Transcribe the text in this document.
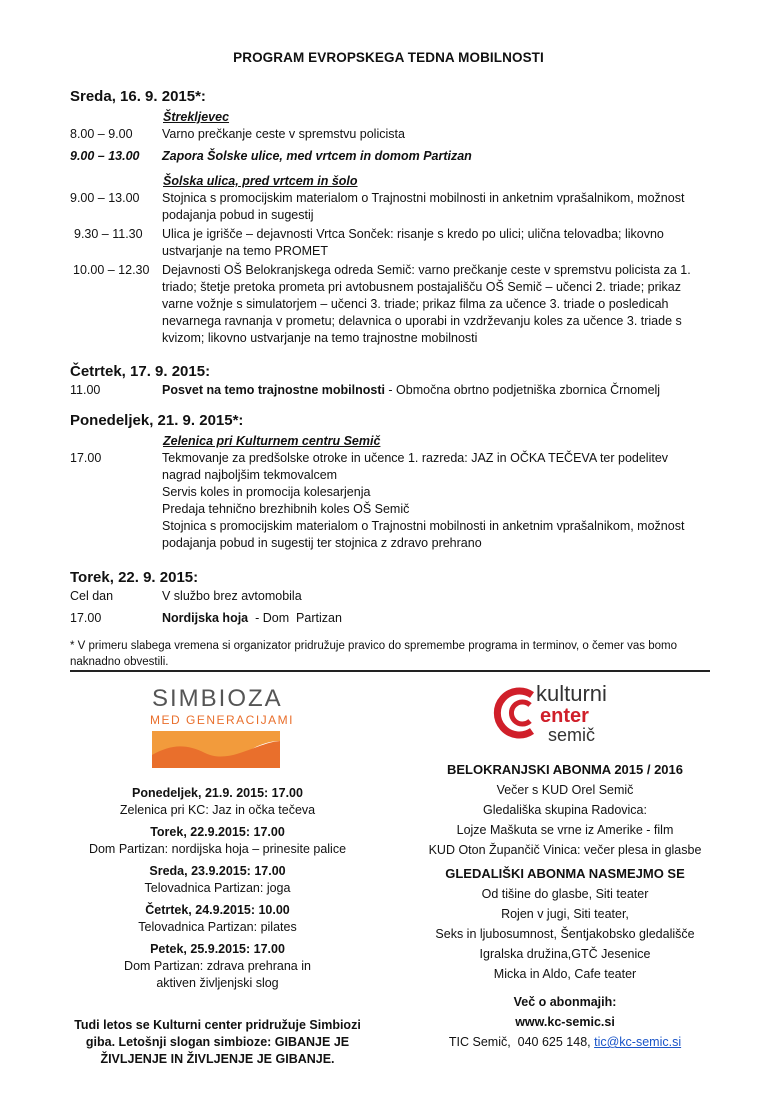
PROGRAM EVROPSKEGA TEDNA MOBILNOSTI
Sreda, 16. 9. 2015*:
Štrekljevec
8.00 – 9.00	Varno prečkanje ceste v spremstvu policista
9.00 – 13.00	Zapora Šolske ulice, med vrtcem in domom Partizan
Šolska ulica, pred vrtcem in šolo
9.00 – 13.00	Stojnica s promocijskim materialom o Trajnostni mobilnosti in anketnim vprašalnikom, možnost podajanja pobud in sugestij
9.30 – 11.30	Ulica je igrišče – dejavnosti Vrtca Sonček: risanje s kredo po ulici; ulična telovadba; likovno ustvarjanje na temo PROMET
10.00 – 12.30	Dejavnosti OŠ Belokranjskega odreda Semič: varno prečkanje ceste v spremstvu policista za 1. triado; štetje pretoka prometa pri avtobusnem postajališču OŠ Semič – učenci 2. triade; prikaz varne vožnje s simulatorjem – učenci 3. triade; prikaz filma za učence 3. triade o posledicah nevarnega ravnanja v prometu; delavnica o uporabi in vzdrževanju koles za učence 3. triade s kvizom; likovno ustvarjanje na temo trajnostne mobilnosti
Četrtek, 17. 9. 2015:
11.00	Posvet na temo trajnostne mobilnosti - Območna obrtno podjetniška zbornica Črnomelj
Ponedeljek, 21. 9. 2015*:
Zelenica pri Kulturnem centru Semič
17.00	Tekmovanje za predšolske otroke in učence 1. razreda: JAZ in OČKA TEČEVA ter podelitev nagrad najboljšim tekmovalcem
Servis koles in promocija kolesarjenja
Predaja tehnično brezhibnih koles OŠ Semič
Stojnica s promocijskim materialom o Trajnostni mobilnosti in anketnim vprašalnikom, možnost podajanja pobud in sugestij ter stojnica z zdravo prehrano
Torek, 22. 9. 2015:
Cel dan	V službo brez avtomobila
17.00	Nordijska hoja  - Dom  Partizan
* V primeru slabega vremena si organizator pridružuje pravico do spremembe programa in terminov, o čemer vas bomo naknadno obvestili.
SIMBIOZA
MED GENERACIJAMI
Ponedeljek, 21.9. 2015: 17.00
Zelenica pri KC: Jaz in očka tečeva
Torek, 22.9.2015: 17.00
Dom Partizan: nordijska hoja – prinesite palice
Sreda, 23.9.2015: 17.00
Telovadnica Partizan: joga
Četrtek, 24.9.2015: 10.00
Telovadnica Partizan: pilates
Petek, 25.9.2015: 17.00
Dom Partizan: zdrava prehrana in aktiven življenjski slog
Tudi letos se Kulturni center pridružuje Simbiozi giba. Letošnji slogan simbioze: GIBANJE JE ŽIVLJENJE IN ŽIVLJENJE JE GIBANJE.
kulturni
enter
semič
BELOKRANJSKI ABONMA 2015 / 2016
Večer s KUD Orel Semič
Gledališka skupina Radovica:
Lojze Maškuta se vrne iz Amerike - film
KUD Oton Župančič Vinica: večer plesa in glasbe
GLEDALIŠKI ABONMA NASMEJMO SE
Od tišine do glasbe, Siti teater
Rojen v jugi, Siti teater,
Seks in ljubosumnost, Šentjakobsko gledališče
Igralska družina,GTČ Jesenice
Micka in Aldo, Cafe teater
Več o abonmajih:
www.kc-semic.si
TIC Semič,  040 625 148, tic@kc-semic.si
